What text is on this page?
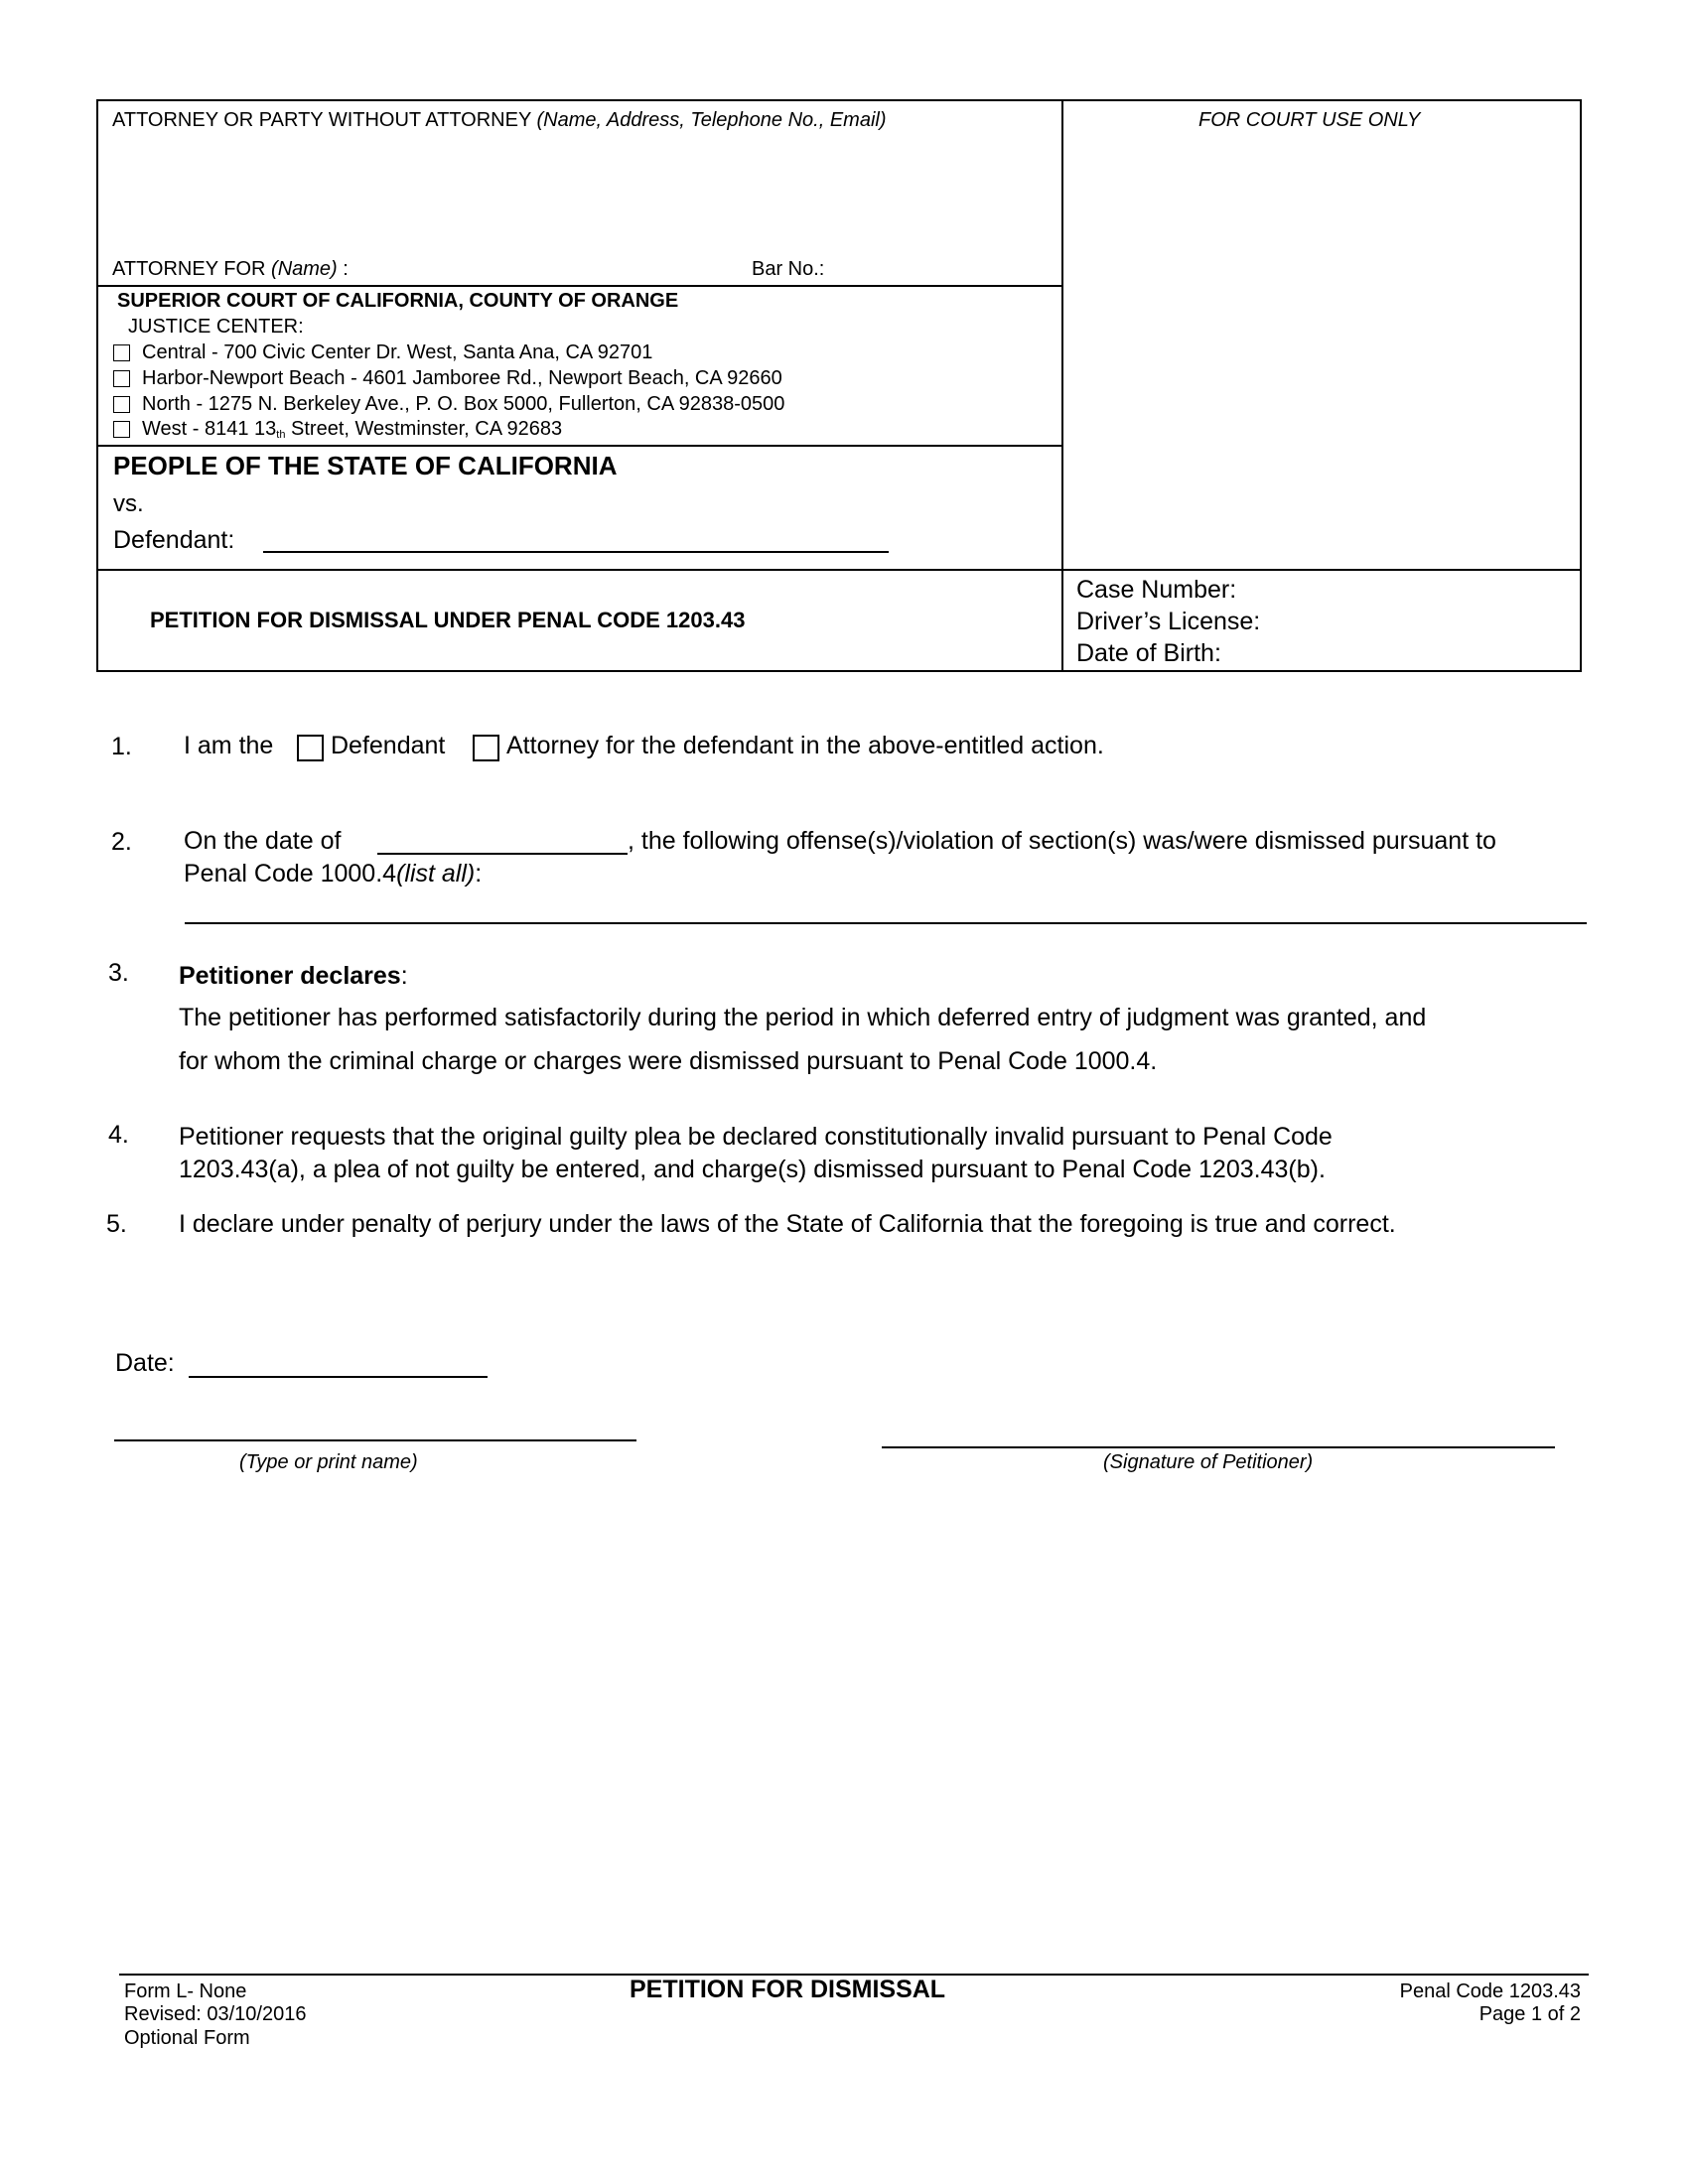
ATTORNEY OR PARTY WITHOUT ATTORNEY (Name, Address, Telephone No., Email)	FOR COURT USE ONLY
ATTORNEY FOR (Name) :	Bar No.:
SUPERIOR COURT OF CALIFORNIA, COUNTY OF ORANGE
JUSTICE CENTER:
Central - 700 Civic Center Dr. West, Santa Ana, CA 92701
Harbor-Newport Beach - 4601 Jamboree Rd., Newport Beach, CA 92660
North - 1275 N. Berkeley Ave., P. O. Box 5000, Fullerton, CA 92838-0500
West - 8141 $13_{th}$ Street, Westminster, CA 92683
PEOPLE OF THE STATE OF CALIFORNIA
vs.
Defendant:
PETITION FOR DISMISSAL UNDER PENAL CODE 1203.43
Case Number:
Driver’s License:
Date of Birth:
1. I am the Defendant Attorney for the defendant in the above-entitled action.
2. On the date of	, the following offense(s)/violation of section(s) was/were dismissed pursuant to
Penal Code 1000.4(list all):
3. Petitioner declares:
The petitioner has performed satisfactorily during the period in which deferred entry of judgment was granted, and
for whom the criminal charge or charges were dismissed pursuant to Penal Code 1000.4.
4. Petitioner requests that the original guilty plea be declared constitutionally invalid pursuant to Penal Code
1203.43(a), a plea of not guilty be entered, and charge(s) dismissed pursuant to Penal Code 1203.43(b).
5. I declare under penalty of perjury under the laws of the State of California that the foregoing is true and correct.
Date:
(Type or print name)	(Signature of Petitioner)
Form L- None
Revised: 03/10/2016
Optional Form
PETITION FOR DISMISSAL	Penal Code 1203.43
Page 1 of 2
